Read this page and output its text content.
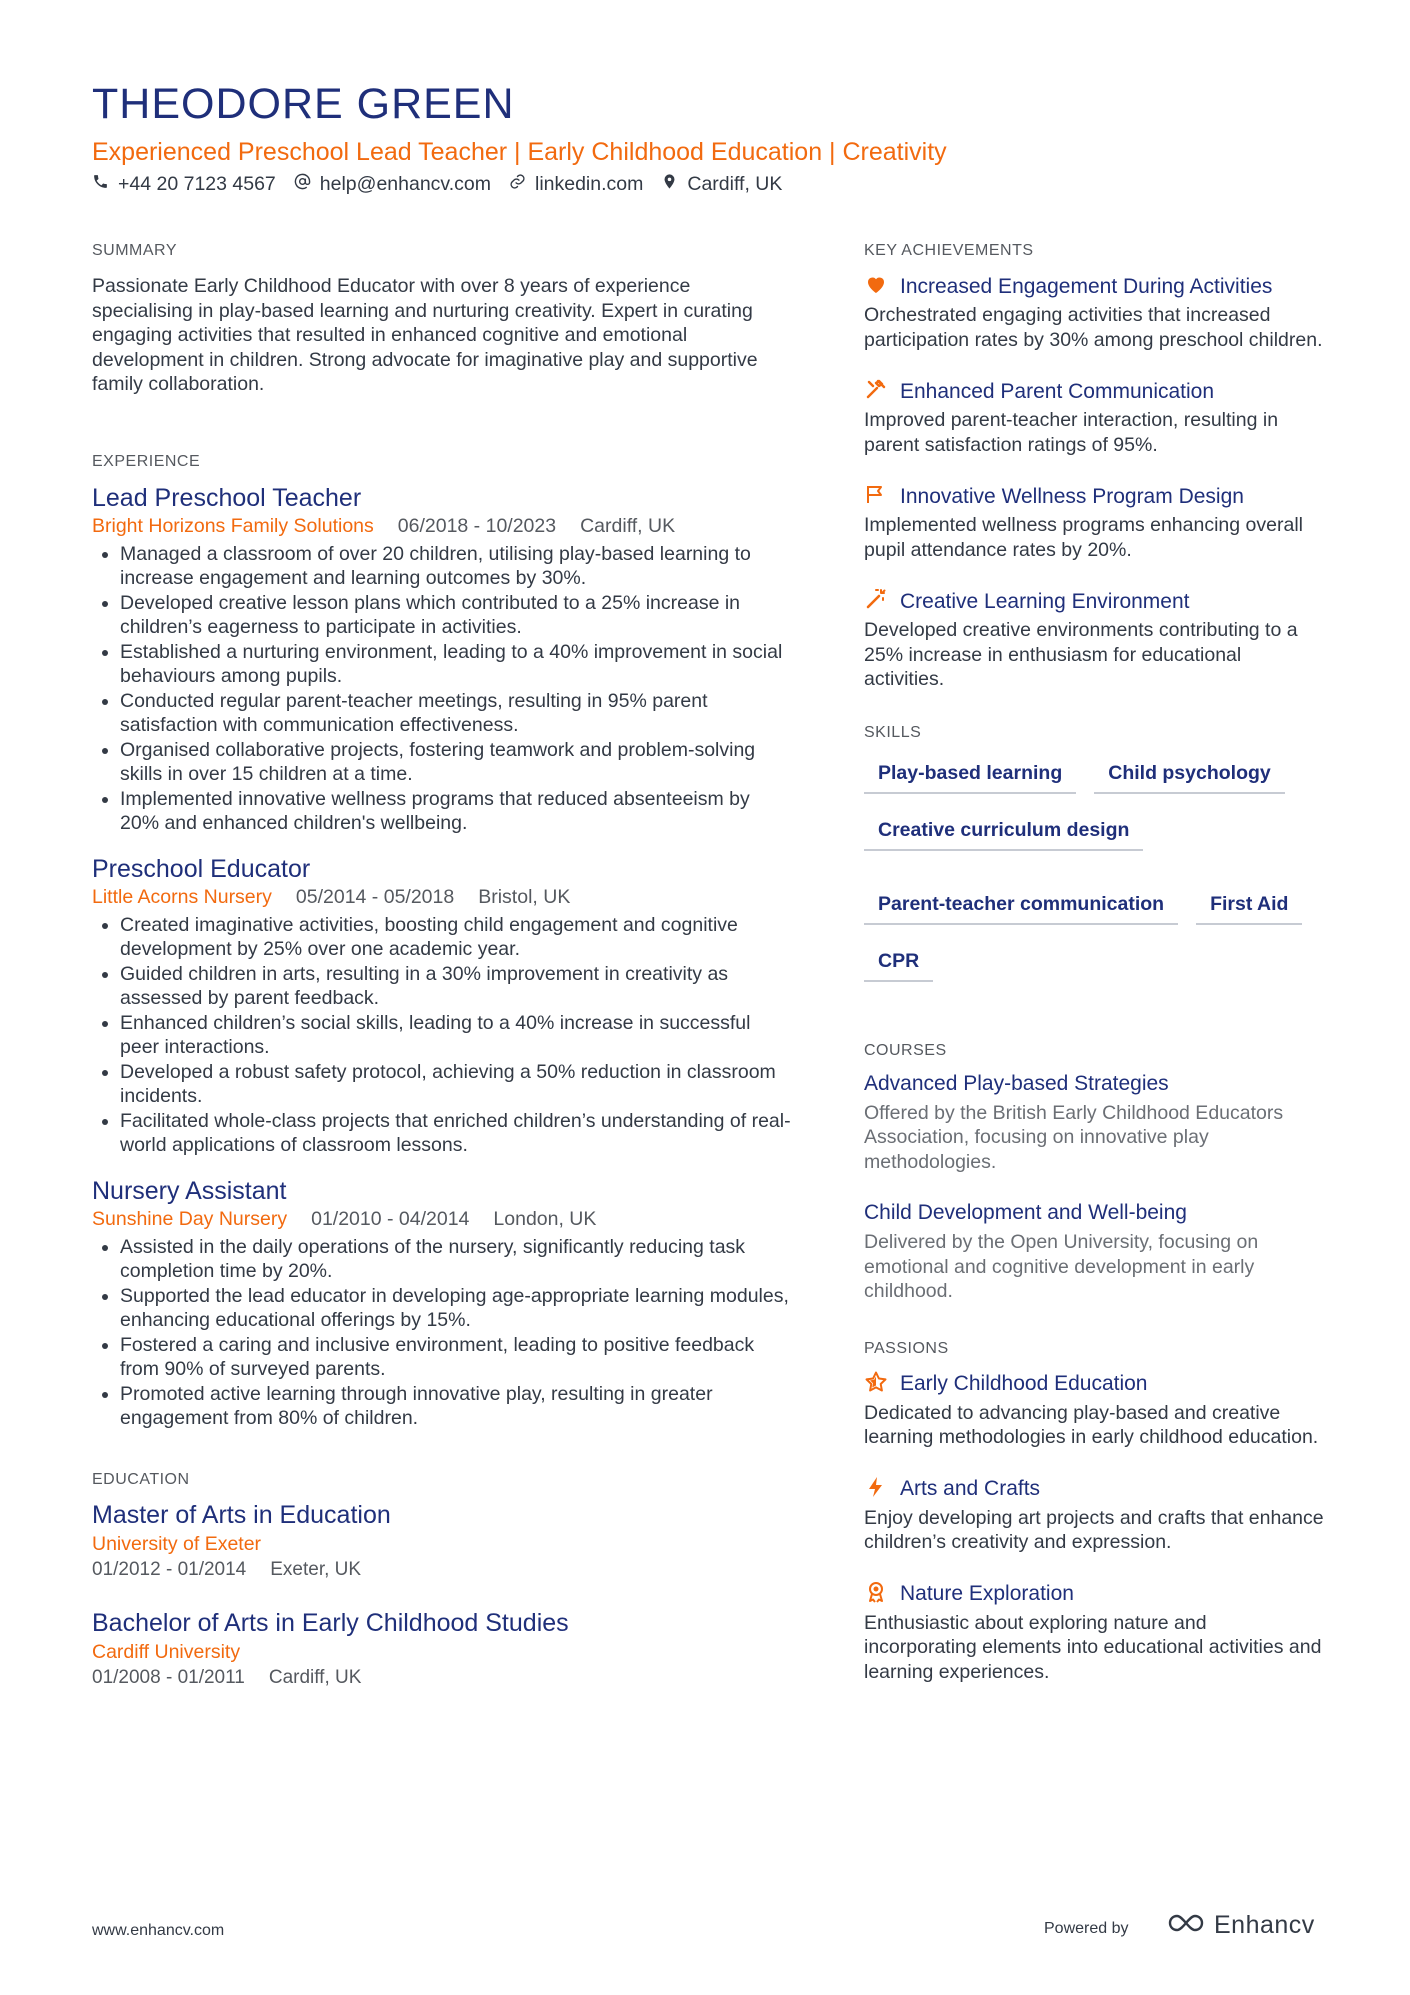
THEODORE GREEN
Experienced Preschool Lead Teacher | Early Childhood Education | Creativity
+44 20 7123 4567 help@enhancv.com linkedin.com Cardiff, UK
SUMMARY

Passionate Early Childhood Educator with over 8 years of experience specialising in play-based learning and nurturing creativity. Expert in curating engaging activities that resulted in enhanced cognitive and emotional development in children. Strong advocate for imaginative play and supportive family collaboration.

EXPERIENCE
Lead Preschool Teacher
Bright Horizons Family Solutions 06/2018 - 10/2023 Cardiff, UK
• Managed a classroom of over 20 children, utilising play-based learning to increase engagement and learning outcomes by 30%.
• Developed creative lesson plans which contributed to a 25% increase in children’s eagerness to participate in activities.
• Established a nurturing environment, leading to a 40% improvement in social behaviours among pupils.
• Conducted regular parent-teacher meetings, resulting in 95% parent satisfaction with communication effectiveness.
• Organised collaborative projects, fostering teamwork and problem-solving skills in over 15 children at a time.
• Implemented innovative wellness programs that reduced absenteeism by 20% and enhanced children's wellbeing.
Preschool Educator
Little Acorns Nursery 05/2014 - 05/2018 Bristol, UK
• Created imaginative activities, boosting child engagement and cognitive development by 25% over one academic year.
• Guided children in arts, resulting in a 30% improvement in creativity as assessed by parent feedback.
• Enhanced children’s social skills, leading to a 40% increase in successful peer interactions.
• Developed a robust safety protocol, achieving a 50% reduction in classroom incidents.
• Facilitated whole-class projects that enriched children’s understanding of real-world applications of classroom lessons.
Nursery Assistant
Sunshine Day Nursery 01/2010 - 04/2014 London, UK
• Assisted in the daily operations of the nursery, significantly reducing task completion time by 20%.
• Supported the lead educator in developing age-appropriate learning modules, enhancing educational offerings by 15%.
• Fostered a caring and inclusive environment, leading to positive feedback from 90% of surveyed parents.
• Promoted active learning through innovative play, resulting in greater engagement from 80% of children.
EDUCATION
Master of Arts in Education
University of Exeter
01/2012 - 01/2014 Exeter, UK
Bachelor of Arts in Early Childhood Studies
Cardiff University
01/2008 - 01/2011 Cardiff, UK
KEY ACHIEVEMENTS
Increased Engagement During Activities
Orchestrated engaging activities that increased participation rates by 30% among preschool children.
Enhanced Parent Communication
Improved parent-teacher interaction, resulting in parent satisfaction ratings of 95%.
Innovative Wellness Program Design
Implemented wellness programs enhancing overall pupil attendance rates by 20%.
Creative Learning Environment
Developed creative environments contributing to a 25% increase in enthusiasm for educational activities.
SKILLS
Play-based learning	Child psychology
Creative curriculum design
Parent-teacher communication	First Aid
CPR
COURSES
Advanced Play-based Strategies
Offered by the British Early Childhood Educators Association, focusing on innovative play methodologies.
Child Development and Well-being
Delivered by the Open University, focusing on emotional and cognitive development in early childhood.
PASSIONS
Early Childhood Education
Dedicated to advancing play-based and creative learning methodologies in early childhood education.
Arts and Crafts
Enjoy developing art projects and crafts that enhance children’s creativity and expression.
Nature Exploration
Enthusiastic about exploring nature and incorporating elements into educational activities and learning experiences.
www.enhancv.com	Powered by	Enhancv
